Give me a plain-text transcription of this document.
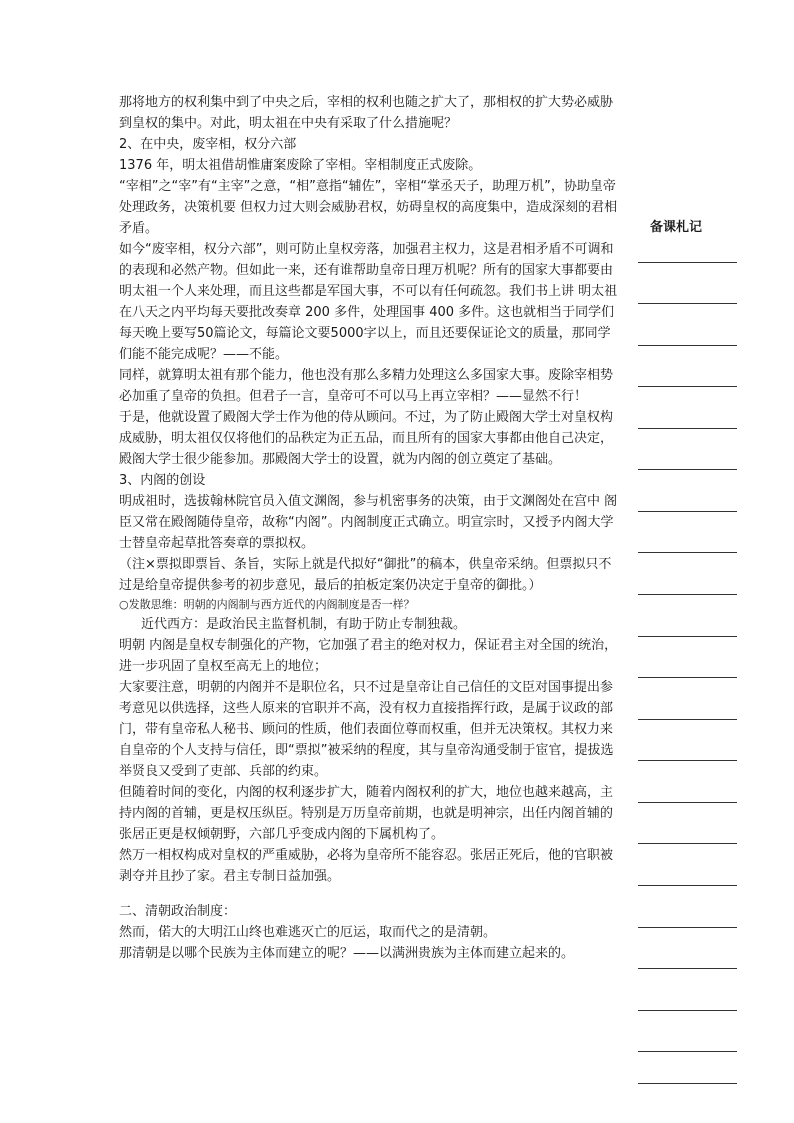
那将地方的权利集中到了中央之后，宰相的权利也随之扩大了，那相权的扩大势必威胁到皇权的集中。对此，明太祖在中央有采取了什么措施呢？

2、在中央，废宰相，权分六部

1376 年，明太祖借胡惟庸案废除了宰相。宰相制度正式废除。

“宰相”之“宰”有“主宰”之意，“相”意指“辅佐”，宰相“掌丞天子，助理万机”，协助皇帝处理政务，决策机要 但权力过大则会威胁君权，妨碍皇权的高度集中，造成深刻的君相矛盾。

如今“废宰相，权分六部”，则可防止皇权旁落，加强君主权力，这是君相矛盾不可调和的表现和必然产物。但如此一来，还有谁帮助皇帝日理万机呢？所有的国家大事都要由明太祖一个人来处理，而且这些都是军国大事，不可以有任何疏忽。我们书上讲 明太祖在八天之内平均每天要批改奏章 200 多件，处理国事 400 多件。这也就相当于同学们每天晚上要写50篇论文，每篇论文要5000字以上，而且还要保证论文的质量，那同学们能不能完成呢？——不能。

同样，就算明太祖有那个能力，他也没有那么多精力处理这么多国家大事。废除宰相势必加重了皇帝的负担。但君子一言，皇帝可不可以马上再立宰相？——显然不行！

于是，他就设置了殿阁大学士作为他的侍从顾问。不过，为了防止殿阁大学士对皇权构成威胁，明太祖仅仅将他们的品秩定为正五品，而且所有的国家大事都由他自己决定，殿阁大学士很少能参加。那殿阁大学士的设置，就为内阁的创立奠定了基础。

3、内阁的创设

明成祖时，选拔翰林院官员入值文渊阁，参与机密事务的决策，由于文渊阁处在宫中 阁臣又常在殿阁随侍皇帝，故称“内阁”。内阁制度正式确立。明宣宗时，又授予内阁大学士替皇帝起草批答奏章的票拟权。

（注×票拟即票旨、条旨，实际上就是代拟好“御批”的稿本，供皇帝采纳。但票拟只不过是给皇帝提供参考的初步意见，最后的拍板定案仍决定于皇帝的御批。）

○发散思维：明朝的内阁制与西方近代的内阁制度是否一样？

近代西方：是政治民主监督机制，有助于防止专制独裁。

明朝 内阁是皇权专制强化的产物，它加强了君主的绝对权力，保证君主对全国的统治，进一步巩固了皇权至高无上的地位；

大家要注意，明朝的内阁并不是职位名，只不过是皇帝让自己信任的文臣对国事提出参考意见以供选择，这些人原来的官职并不高，没有权力直接指挥行政，是属于议政的部门，带有皇帝私人秘书、顾问的性质，他们表面位尊而权重，但并无决策权。其权力来自皇帝的个人支持与信任，即“票拟”被采纳的程度，其与皇帝沟通受制于宦官，提拔选举贤良又受到了吏部、兵部的约束。

但随着时间的变化，内阁的权利逐步扩大，随着内阁权利的扩大，地位也越来越高，主持内阁的首辅，更是权压纵臣。特别是万历皇帝前期，也就是明神宗，出任内阁首辅的张居正更是权倾朝野，六部几乎变成内阁的下属机构了。

然万一相权构成对皇权的严重威胁，必将为皇帝所不能容忍。张居正死后，他的官职被剥夺并且抄了家。君主专制日益加强。

二、清朝政治制度：

然而，偌大的大明江山终也难逃灭亡的厄运，取而代之的是清朝。

那清朝是以哪个民族为主体而建立的呢？——以满洲贵族为主体而建立起来的。

备课札记
